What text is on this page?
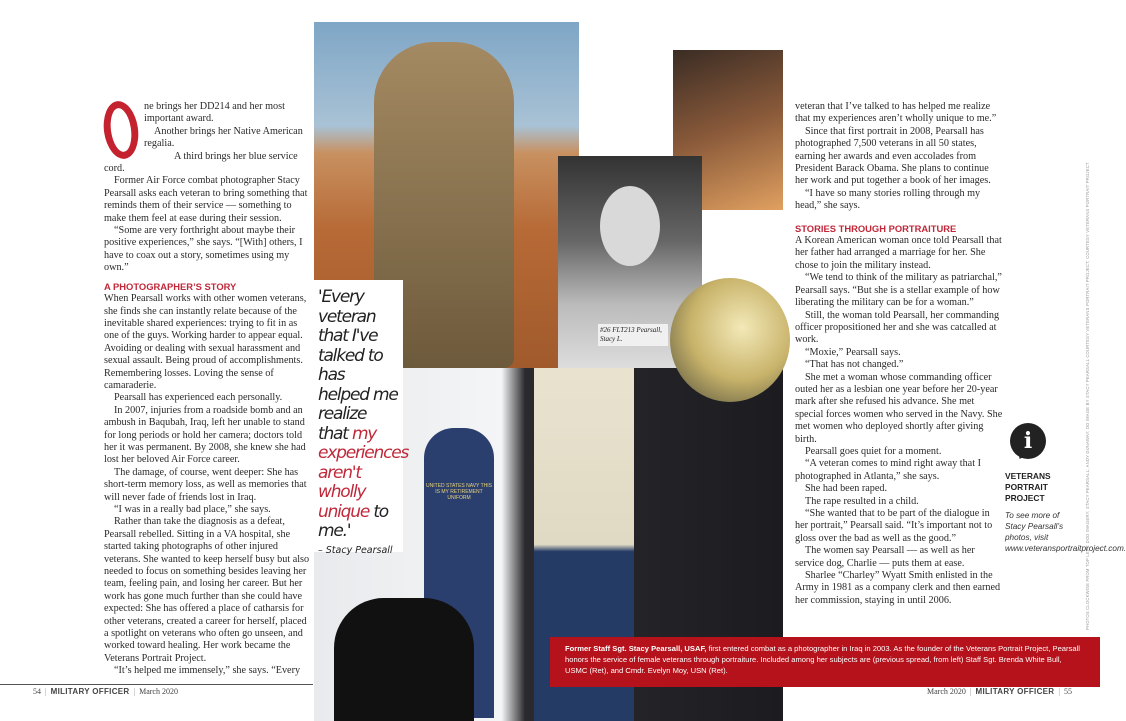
ne brings her DD214 and her most important award.

Another brings her Native American regalia.

A third brings her blue service cord.

Former Air Force combat photographer Stacy Pearsall asks each veteran to bring something that reminds them of their service — something to make them feel at ease during their session.

“Some are very forthright about maybe their positive experiences,” she says. “[With] others, I have to coax out a story, sometimes using my own.”

A PHOTOGRAPHER’S STORY

When Pearsall works with other women veterans, she finds she can instantly relate because of the inevitable shared experiences: trying to fit in as one of the guys. Working harder to appear equal. Avoiding or dealing with sexual harassment and sexual assault. Being proud of accomplishments. Remembering losses. Loving the sense of camaraderie.

Pearsall has experienced each personally.

In 2007, injuries from a roadside bomb and an ambush in Baqubah, Iraq, left her unable to stand for long periods or hold her camera; doctors told her it was permanent. By 2008, she knew she had lost her beloved Air Force career.

The damage, of course, went deeper: She has short-term memory loss, as well as memories that will never fade of friends lost in Iraq.

“I was in a really bad place,” she says.

Rather than take the diagnosis as a defeat, Pearsall rebelled. Sitting in a VA hospital, she started taking photographs of other injured veterans. She wanted to keep herself busy but also needed to focus on something besides leaving her team, feeling pain, and losing her career. But her work has gone much further than she could have expected: She has offered a place of catharsis for other veterans, created a career for herself, placed a spotlight on veterans who often go unseen, and worked toward healing. Her work became the Veterans Portrait Project.

“It’s helped me immensely,” she says. “Every

UNITED STATES NAVY THIS IS MY RETIREMENT UNIFORM
#26 FLT213 Pearsall, Stacy L.
'Every veteran that I've talked to has helped me realize that my experiences aren't wholly unique to me.'
– Stacy Pearsall

veteran that I’ve talked to has helped me realize that my experiences aren’t wholly unique to me.”

Since that first portrait in 2008, Pearsall has photographed 7,500 veterans in all 50 states, earning her awards and even accolades from President Barack Obama. She plans to continue her work and put together a book of her images.

“I have so many stories rolling through my head,” she says.

STORIES THROUGH PORTRAITURE

A Korean American woman once told Pearsall that her father had arranged a marriage for her. She chose to join the military instead.

“We tend to think of the military as patriarchal,” Pearsall says. “But she is a stellar example of how liberating the military can be for a woman.”

Still, the woman told Pearsall, her commanding officer propositioned her and she was catcalled at work.

“Moxie,” Pearsall says.

“That has not changed.”

She met a woman whose commanding officer outed her as a lesbian one year before her 20-year mark after she refused his advance. She met special forces women who served in the Navy. She met women who deployed shortly after giving birth.

Pearsall goes quiet for a moment.

“A veteran comes to mind right away that I photographed in Atlanta,” she says.

She had been raped.

The rape resulted in a child.

“She wanted that to be part of the dialogue in her portrait,” Pearsall said. “It’s important not to gloss over the bad as well as the good.”

The women say Pearsall — as well as her service dog, Charlie — puts them at ease.

Sharlee “Charley” Wyatt Smith enlisted in the Army in 1981 as a company clerk and then earned her commission, staying in until 2006.

i
VETERANS PORTRAIT PROJECT
To see more of Stacy Pearsall’s photos, visit www.veteransportraitproject.com.
PHOTOS CLOCKWISE FROM TOP LEFT: DOD IMAGERY; STACY PEARSALL; ANDY DUNAWAY; DD IMAGE BY STACY PEARSALL COURTESY VETERANS PORTRAIT PROJECT; COURTESY VETERANS PORTRAIT PROJECT
Former Staff Sgt. Stacy Pearsall, USAF, first entered combat as a photographer in Iraq in 2003. As the founder of the Veterans Portrait Project, Pearsall honors the service of female veterans through portraiture. Included among her subjects are (previous spread, from left) Staff Sgt. Brenda White Bull, USMC (Ret), and Cmdr. Evelyn Moy, USN (Ret).
54 | MILITARY OFFICER | March 2020	March 2020 | MILITARY OFFICER | 55
